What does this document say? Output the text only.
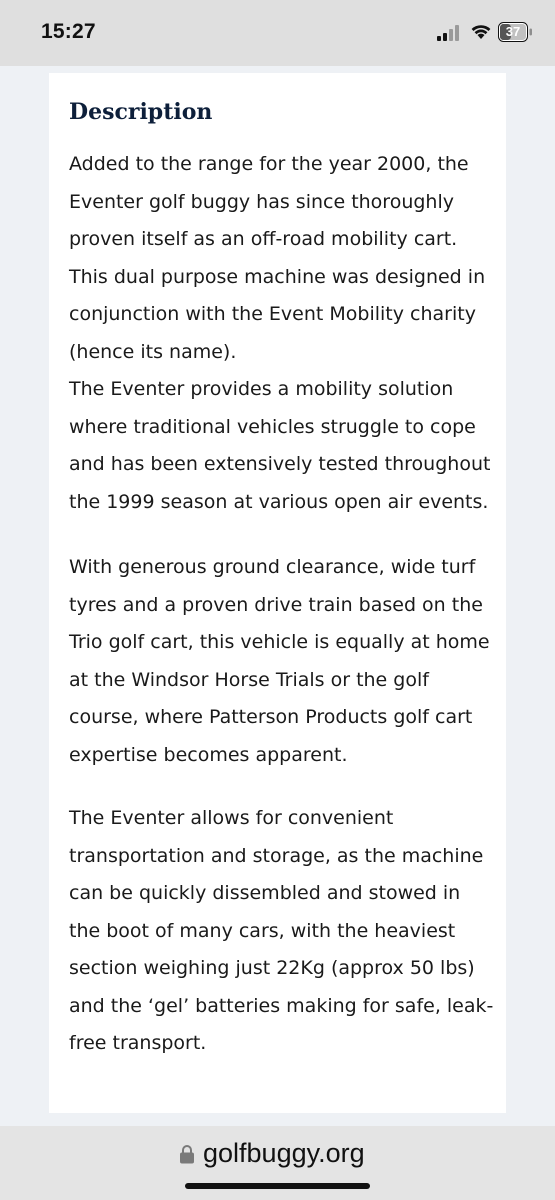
15:27	37
Description

Added to the range for the year 2000, the
Eventer golf buggy has since thoroughly
proven itself as an off-road mobility cart.
This dual purpose machine was designed in
conjunction with the Event Mobility charity
(hence its name).
The Eventer provides a mobility solution
where traditional vehicles struggle to cope
and has been extensively tested throughout
the 1999 season at various open air events.

With generous ground clearance, wide turf
tyres and a proven drive train based on the
Trio golf cart, this vehicle is equally at home
at the Windsor Horse Trials or the golf
course, where Patterson Products golf cart
expertise becomes apparent.

The Eventer allows for convenient
transportation and storage, as the machine
can be quickly dissembled and stowed in
the boot of many cars, with the heaviest
section weighing just 22Kg (approx 50 lbs)
and the ‘gel’ batteries making for safe, leak-
free transport.

golfbuggy.org
